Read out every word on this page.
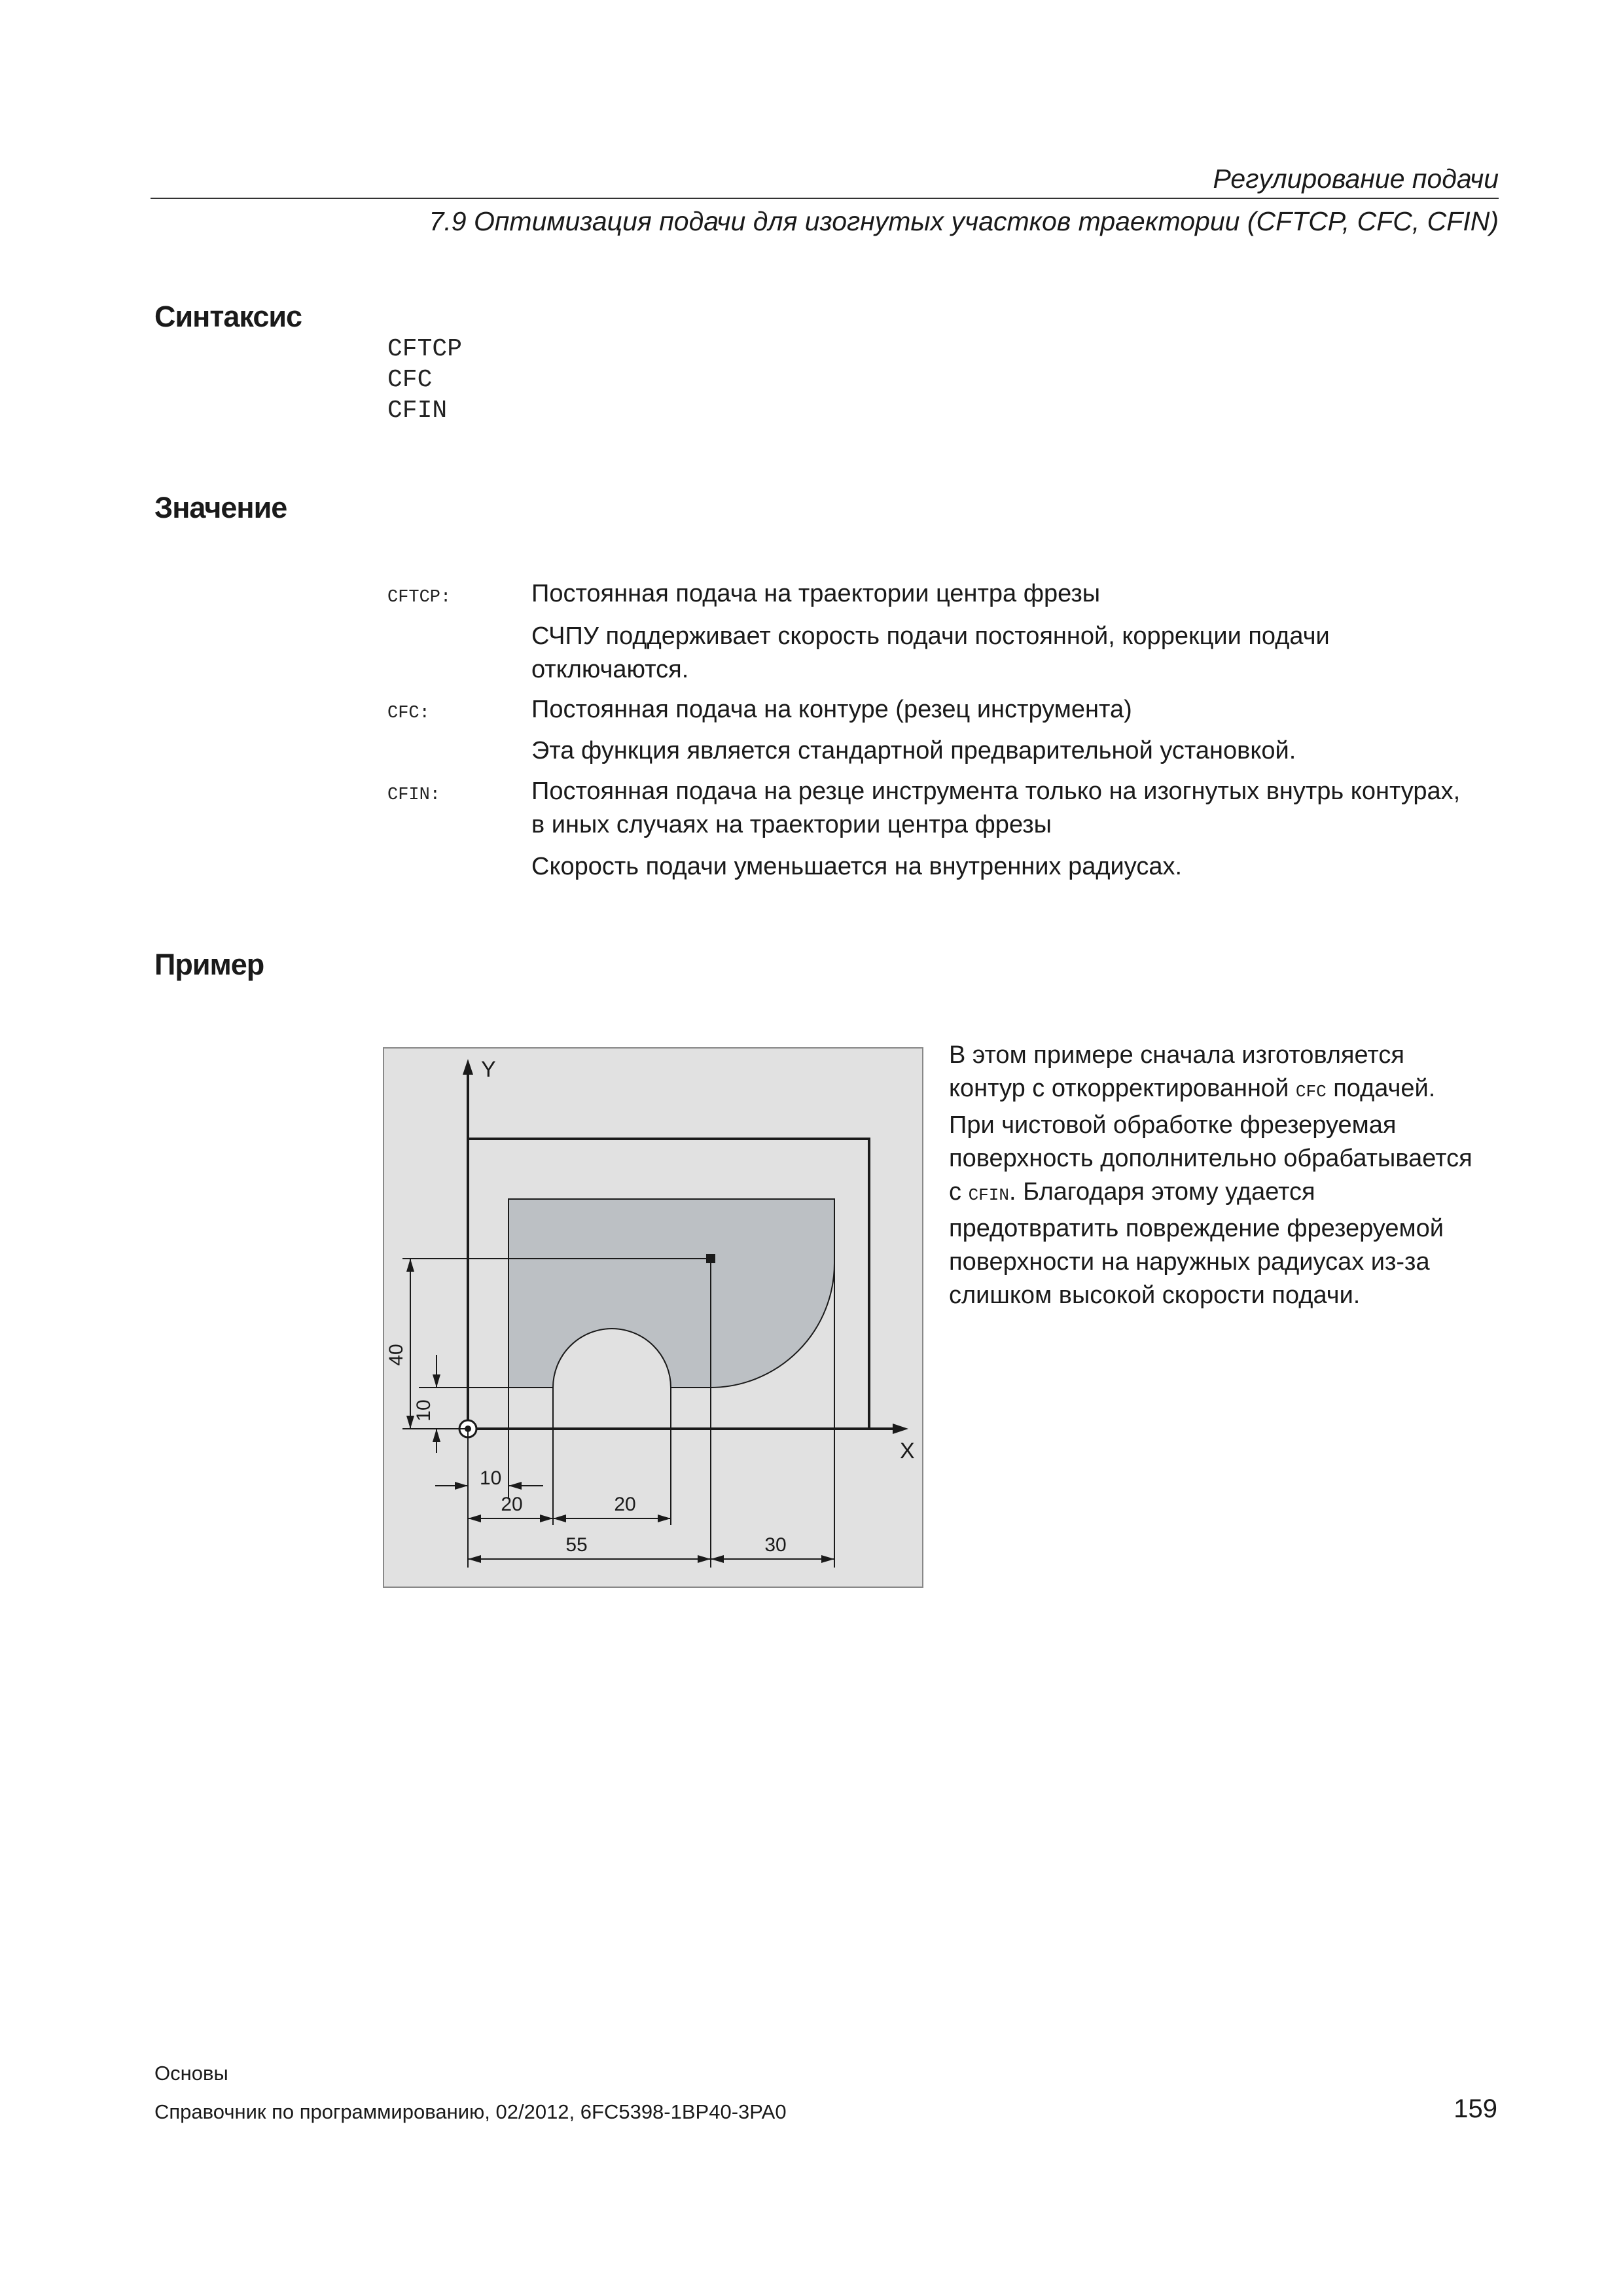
Регулирование подачи
7.9 Оптимизация подачи для изогнутых участков траектории (CFTCP, CFC, CFIN)
Синтаксис
CFTCP
CFC
CFIN
Значение
CFTCP:	Постоянная подача на траектории центра фрезы
СЧПУ поддерживает скорость подачи постоянной, коррекции подачи отключаются.
CFC:	Постоянная подача на контуре (резец инструмента)
Эта функция является стандартной предварительной установкой.
CFIN:	Постоянная подача на резце инструмента только на изогнутых внутрь контурах, в иных случаях на траектории центра фрезы
Скорость подачи уменьшается на внутренних радиусах.
Пример
Y
X
40
10
10
20	20
55	30
В этом примере сначала изготовляется контур с откорректированной CFC подачей. При чистовой обработке фрезеруемая поверхность дополнительно обрабатывается с CFIN. Благодаря этому удается предотвратить повреждение фрезеруемой поверхности на наружных радиусах из-за слишком высокой скорости подачи.
Основы
Справочник по программированию, 02/2012, 6FC5398-1BP40-3PA0	159
